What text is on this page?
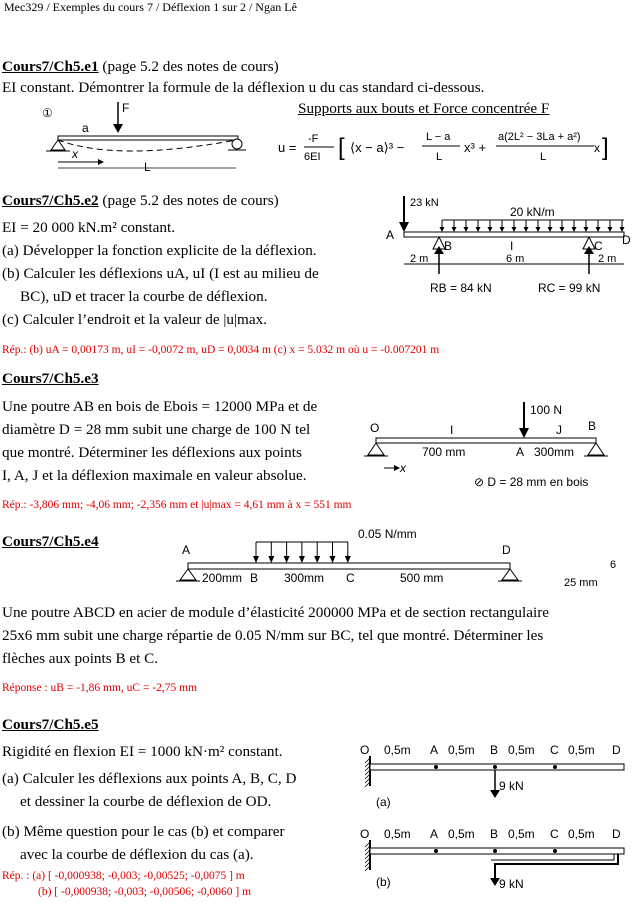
Mec329 / Exemples du cours 7 / Déflexion 1 sur 2 / Ngan Lê
Cours7/Ch5.e1 (page 5.2 des notes de cours)
EI constant. Démontrer la formule de la déflexion u du cas standard ci-dessous.
①	F
a
x
L
Supports aux bouts et Force concentrée F
u =
-F
6EI [ ⟨x − a⟩³ −
L − a
L
x³ +
a(2L² − 3La + a²)
L
x ]
Cours7/Ch5.e2 (page 5.2 des notes de cours)
EI = 20 000 kN.m² constant.
(a) Développer la fonction explicite de la déflexion.
(b) Calculer les déflexions uA, uI (I est au milieu de
BC), uD et tracer la courbe de déflexion.
(c) Calculer l’endroit et la valeur de |u|max.
Rép.: (b) uA = 0,00173 m, uI = -0,0072 m, uD = 0,0034 m (c) x = 5.032 m où u = -0.007201 m
23 kN
20 kN/m
A
B	I	C D
2 m	6 m	2 m
RB = 84 kN	RC = 99 kN
Cours7/Ch5.e3
Une poutre AB en bois de Ebois = 12000 MPa et de
diamètre D = 28 mm subit une charge de 100 N tel
que montré. Déterminer les déflexions aux points
I, A, J et la déflexion maximale en valeur absolue.
Rép.: -3,806 mm; -4,06 mm; -2,356 mm et |u|max = 4,61 mm à x = 551 mm
100 N
O	I	J B
700 mm	A 300mm
x
⊘ D = 28 mm en bois
Cours7/Ch5.e4	0.05 N/mm
A	D
200mm B 300mm C	500 mm
6
25 mm
Une poutre ABCD en acier de module d’élasticité 200000 MPa et de section rectangulaire
25x6 mm subit une charge répartie de 0.05 N/mm sur BC, tel que montré. Déterminer les
flèches aux points B et C.
Réponse : uB = -1,86 mm, uC = -2,75 mm
Cours7/Ch5.e5
Rigidité en flexion EI = 1000 kN·m² constant.
(a) Calculer les déflexions aux points A, B, C, D
et dessiner la courbe de déflexion de OD.
(b) Même question pour le cas (b) et comparer
avec la courbe de déflexion du cas (a).
Rép. : (a) [ -0,000938; -0,003; -0,00525; -0,0075 ] m
(b) [ -0,000938; -0,003; -0,00506; -0,0060 ] m
O 0,5m A 0,5m B 0,5m C 0,5m D
9 kN
(a)
O 0,5m A 0,5m B 0,5m C 0,5m D
9 kN
(b)
